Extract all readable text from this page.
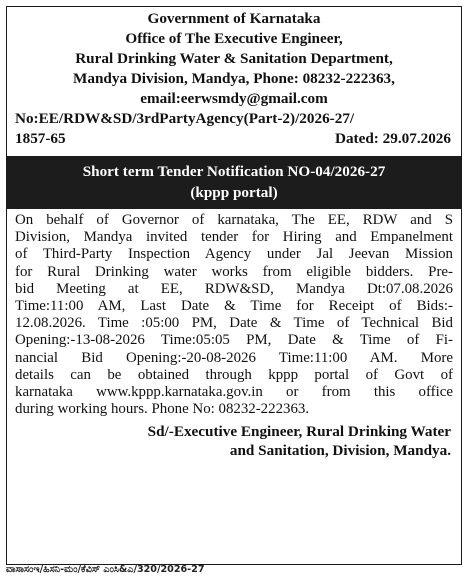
Government of Karnataka
Office of The Executive Engineer,
Rural Drinking Water & Sanitation Department,
Mandya Division, Mandya, Phone: 08232-222363,
email:eerwsmdy@gmail.com
No:EE/RDW&SD/3rdPartyAgency(Part-2)/2026-27/
1857-65	Dated: 29.07.2026
Short term Tender Notification NO-04/2026-27
(kppp portal)
On behalf of Governor of karnataka, The EE, RDW and S
Division, Mandya invited tender for Hiring and Empanelment
of Third-Party Inspection Agency under Jal Jeevan Mission
for Rural Drinking water works from eligible bidders. Pre-
bid Meeting at EE, RDW&SD, Mandya Dt:07.08.2026
Time:11:00 AM, Last Date & Time for Receipt of Bids:-
12.08.2026. Time :05:00 PM, Date & Time of Technical Bid
Opening:-13-08-2026 Time:05:05 PM, Date & Time of Fi-
nancial Bid Opening:-20-08-2026 Time:11:00 AM. More
details can be obtained through kppp portal of Govt of
karnataka www.kppp.karnataka.gov.in or from this office
during working hours. Phone No: 08232-222363.
Sd/-Executive Engineer, Rural Drinking Water
and Sanitation, Division, Mandya.
ವಾಸಾಸಂಇ/ಹಿಸನಿ-ಮಂ/ಕೆವಿಸ್ ಎಂಸಿ&ಎ/320/2026-27
